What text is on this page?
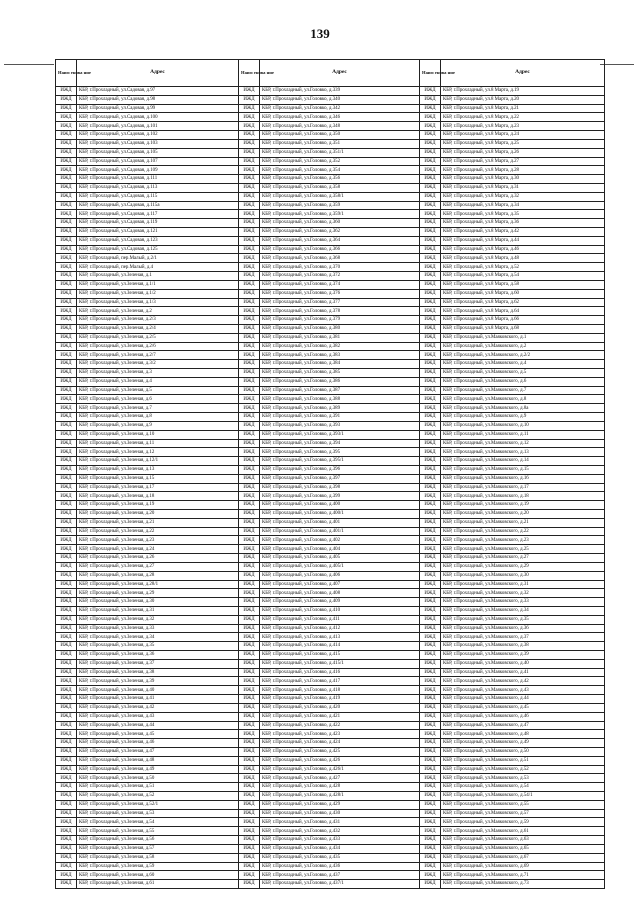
139
Наим енова ние	Адрес	Наим енова ние	Адрес	Наим енова ние	Адрес
ИЖД	КБР, г.Прохладный, ул.Садовая, д.97	ИЖД	КБР, г.Прохладный, ул.Головко, д.339	ИЖД	КБР, г.Прохладный, ул.8 Марта, д.19
ИЖД	КБР, г.Прохладный, ул.Садовая, д.98	ИЖД	КБР, г.Прохладный, ул.Головко, д.340	ИЖД	КБР, г.Прохладный, ул.8 Марта, д.20
ИЖД	КБР, г.Прохладный, ул.Садовая, д.99	ИЖД	КБР, г.Прохладный, ул.Головко, д.342	ИЖД	КБР, г.Прохладный, ул.8 Марта, д.21
ИЖД	КБР, г.Прохладный, ул.Садовая, д.100	ИЖД	КБР, г.Прохладный, ул.Головко, д.346	ИЖД	КБР, г.Прохладный, ул.8 Марта, д.22
ИЖД	КБР, г.Прохладный, ул.Садовая, д.101	ИЖД	КБР, г.Прохладный, ул.Головко, д.348	ИЖД	КБР, г.Прохладный, ул.8 Марта, д.23
ИЖД	КБР, г.Прохладный, ул.Садовая, д.102	ИЖД	КБР, г.Прохладный, ул.Головко, д.350	ИЖД	КБР, г.Прохладный, ул.8 Марта, д.24
ИЖД	КБР, г.Прохладный, ул.Садовая, д.103	ИЖД	КБР, г.Прохладный, ул.Головко, д.351	ИЖД	КБР, г.Прохладный, ул.8 Марта, д.25
ИЖД	КБР, г.Прохладный, ул.Садовая, д.105	ИЖД	КБР, г.Прохладный, ул.Головко, д.351/1	ИЖД	КБР, г.Прохладный, ул.8 Марта, д.26
ИЖД	КБР, г.Прохладный, ул.Садовая, д.107	ИЖД	КБР, г.Прохладный, ул.Головко, д.352	ИЖД	КБР, г.Прохладный, ул.8 Марта, д.27
ИЖД	КБР, г.Прохладный, ул.Садовая, д.109	ИЖД	КБР, г.Прохладный, ул.Головко, д.354	ИЖД	КБР, г.Прохладный, ул.8 Марта, д.28
ИЖД	КБР, г.Прохладный, ул.Садовая, д.111	ИЖД	КБР, г.Прохладный, ул.Головко, д.356	ИЖД	КБР, г.Прохладный, ул.8 Марта, д.30
ИЖД	КБР, г.Прохладный, ул.Садовая, д.113	ИЖД	КБР, г.Прохладный, ул.Головко, д.358	ИЖД	КБР, г.Прохладный, ул.8 Марта, д.31
ИЖД	КБР, г.Прохладный, ул.Садовая, д.115	ИЖД	КБР, г.Прохладный, ул.Головко, д.358/1	ИЖД	КБР, г.Прохладный, ул.8 Марта, д.32
ИЖД	КБР, г.Прохладный, ул.Садовая, д.115а	ИЖД	КБР, г.Прохладный, ул.Головко, д.359	ИЖД	КБР, г.Прохладный, ул.8 Марта, д.34
ИЖД	КБР, г.Прохладный, ул.Садовая, д.117	ИЖД	КБР, г.Прохладный, ул.Головко, д.359/1	ИЖД	КБР, г.Прохладный, ул.8 Марта, д.35
ИЖД	КБР, г.Прохладный, ул.Садовая, д.119	ИЖД	КБР, г.Прохладный, ул.Головко, д.360	ИЖД	КБР, г.Прохладный, ул.8 Марта, д.36
ИЖД	КБР, г.Прохладный, ул.Садовая, д.121	ИЖД	КБР, г.Прохладный, ул.Головко, д.362	ИЖД	КБР, г.Прохладный, ул.8 Марта, д.42
ИЖД	КБР, г.Прохладный, ул.Садовая, д.123	ИЖД	КБР, г.Прохладный, ул.Головко, д.364	ИЖД	КБР, г.Прохладный, ул.8 Марта, д.44
ИЖД	КБР, г.Прохладный, ул.Садовая, д.125	ИЖД	КБР, г.Прохладный, ул.Головко, д.366	ИЖД	КБР, г.Прохладный, ул.8 Марта, д.46
ИЖД	КБР, г.Прохладный, пер.Малый, д.2/1	ИЖД	КБР, г.Прохладный, ул.Головко, д.368	ИЖД	КБР, г.Прохладный, ул.8 Марта, д.48
ИЖД	КБР, г.Прохладный, пер.Малый, д.4	ИЖД	КБР, г.Прохладный, ул.Головко, д.370	ИЖД	КБР, г.Прохладный, ул.8 Марта, д.52
ИЖД	КБР, г.Прохладный, ул.Зеленая, д.1	ИЖД	КБР, г.Прохладный, ул.Головко, д.372	ИЖД	КБР, г.Прохладный, ул.8 Марта, д.54
ИЖД	КБР, г.Прохладный, ул.Зеленая, д.1/1	ИЖД	КБР, г.Прохладный, ул.Головко, д.374	ИЖД	КБР, г.Прохладный, ул.8 Марта, д.58
ИЖД	КБР, г.Прохладный, ул.Зеленая, д.1/2	ИЖД	КБР, г.Прохладный, ул.Головко, д.376	ИЖД	КБР, г.Прохладный, ул.8 Марта, д.60
ИЖД	КБР, г.Прохладный, ул.Зеленая, д.1/3	ИЖД	КБР, г.Прохладный, ул.Головко, д.377	ИЖД	КБР, г.Прохладный, ул.8 Марта, д.62
ИЖД	КБР, г.Прохладный, ул.Зеленая, д.2	ИЖД	КБР, г.Прохладный, ул.Головко, д.378	ИЖД	КБР, г.Прохладный, ул.8 Марта, д.64
ИЖД	КБР, г.Прохладный, ул.Зеленая, д.2/3	ИЖД	КБР, г.Прохладный, ул.Головко, д.379	ИЖД	КБР, г.Прохладный, ул.8 Марта, д.66
ИЖД	КБР, г.Прохладный, ул.Зеленая, д.2/4	ИЖД	КБР, г.Прохладный, ул.Головко, д.380	ИЖД	КБР, г.Прохладный, ул.8 Марта, д.68
ИЖД	КБР, г.Прохладный, ул.Зеленая, д.2/5	ИЖД	КБР, г.Прохладный, ул.Головко, д.381	ИЖД	КБР, г.Прохладный, ул.Маяковского, д.1
ИЖД	КБР, г.Прохладный, ул.Зеленая, д.2/6	ИЖД	КБР, г.Прохладный, ул.Головко, д.382	ИЖД	КБР, г.Прохладный, ул.Маяковского, д.2
ИЖД	КБР, г.Прохладный, ул.Зеленая, д.2/7	ИЖД	КБР, г.Прохладный, ул.Головко, д.383	ИЖД	КБР, г.Прохладный, ул.Маяковского, д.2/2
ИЖД	КБР, г.Прохладный, ул.Зеленая, д.3/2	ИЖД	КБР, г.Прохладный, ул.Головко, д.384	ИЖД	КБР, г.Прохладный, ул.Маяковского, д.4
ИЖД	КБР, г.Прохладный, ул.Зеленая, д.3	ИЖД	КБР, г.Прохладный, ул.Головко, д.385	ИЖД	КБР, г.Прохладный, ул.Маяковского, д.5
ИЖД	КБР, г.Прохладный, ул.Зеленая, д.4	ИЖД	КБР, г.Прохладный, ул.Головко, д.386	ИЖД	КБР, г.Прохладный, ул.Маяковского, д.6
ИЖД	КБР, г.Прохладный, ул.Зеленая, д.5	ИЖД	КБР, г.Прохладный, ул.Головко, д.387	ИЖД	КБР, г.Прохладный, ул.Маяковского, д.7
ИЖД	КБР, г.Прохладный, ул.Зеленая, д.6	ИЖД	КБР, г.Прохладный, ул.Головко, д.388	ИЖД	КБР, г.Прохладный, ул.Маяковского, д.8
ИЖД	КБР, г.Прохладный, ул.Зеленая, д.7	ИЖД	КБР, г.Прохладный, ул.Головко, д.389	ИЖД	КБР, г.Прохладный, ул.Маяковского, д.8а
ИЖД	КБР, г.Прохладный, ул.Зеленая, д.8	ИЖД	КБР, г.Прохладный, ул.Головко, д.391	ИЖД	КБР, г.Прохладный, ул.Маяковского, д.9
ИЖД	КБР, г.Прохладный, ул.Зеленая, д.9	ИЖД	КБР, г.Прохладный, ул.Головко, д.393	ИЖД	КБР, г.Прохладный, ул.Маяковского, д.10
ИЖД	КБР, г.Прохладный, ул.Зеленая, д.10	ИЖД	КБР, г.Прохладный, ул.Головко, д.393/1	ИЖД	КБР, г.Прохладный, ул.Маяковского, д.11
ИЖД	КБР, г.Прохладный, ул.Зеленая, д.11	ИЖД	КБР, г.Прохладный, ул.Головко, д.394	ИЖД	КБР, г.Прохладный, ул.Маяковского, д.12
ИЖД	КБР, г.Прохладный, ул.Зеленая, д.12	ИЖД	КБР, г.Прохладный, ул.Головко, д.395	ИЖД	КБР, г.Прохладный, ул.Маяковского, д.13
ИЖД	КБР, г.Прохладный, ул.Зеленая, д.12/1	ИЖД	КБР, г.Прохладный, ул.Головко, д.395/1	ИЖД	КБР, г.Прохладный, ул.Маяковского, д.14
ИЖД	КБР, г.Прохладный, ул.Зеленая, д.13	ИЖД	КБР, г.Прохладный, ул.Головко, д.396	ИЖД	КБР, г.Прохладный, ул.Маяковского, д.15
ИЖД	КБР, г.Прохладный, ул.Зеленая, д.15	ИЖД	КБР, г.Прохладный, ул.Головко, д.397	ИЖД	КБР, г.Прохладный, ул.Маяковского, д.16
ИЖД	КБР, г.Прохладный, ул.Зеленая, д.17	ИЖД	КБР, г.Прохладный, ул.Головко, д.398	ИЖД	КБР, г.Прохладный, ул.Маяковского, д.17
ИЖД	КБР, г.Прохладный, ул.Зеленая, д.18	ИЖД	КБР, г.Прохладный, ул.Головко, д.399	ИЖД	КБР, г.Прохладный, ул.Маяковского, д.18
ИЖД	КБР, г.Прохладный, ул.Зеленая, д.19	ИЖД	КБР, г.Прохладный, ул.Головко, д.400	ИЖД	КБР, г.Прохладный, ул.Маяковского, д.19
ИЖД	КБР, г.Прохладный, ул.Зеленая, д.20	ИЖД	КБР, г.Прохладный, ул.Головко, д.400/1	ИЖД	КБР, г.Прохладный, ул.Маяковского, д.20
ИЖД	КБР, г.Прохладный, ул.Зеленая, д.21	ИЖД	КБР, г.Прохладный, ул.Головко, д.401	ИЖД	КБР, г.Прохладный, ул.Маяковского, д.21
ИЖД	КБР, г.Прохладный, ул.Зеленая, д.22	ИЖД	КБР, г.Прохладный, ул.Головко, д.401/1	ИЖД	КБР, г.Прохладный, ул.Маяковского, д.22
ИЖД	КБР, г.Прохладный, ул.Зеленая, д.23	ИЖД	КБР, г.Прохладный, ул.Головко, д.402	ИЖД	КБР, г.Прохладный, ул.Маяковского, д.23
ИЖД	КБР, г.Прохладный, ул.Зеленая, д.24	ИЖД	КБР, г.Прохладный, ул.Головко, д.404	ИЖД	КБР, г.Прохладный, ул.Маяковского, д.25
ИЖД	КБР, г.Прохладный, ул.Зеленая, д.26	ИЖД	КБР, г.Прохладный, ул.Головко, д.405	ИЖД	КБР, г.Прохладный, ул.Маяковского, д.27
ИЖД	КБР, г.Прохладный, ул.Зеленая, д.27	ИЖД	КБР, г.Прохладный, ул.Головко, д.405/1	ИЖД	КБР, г.Прохладный, ул.Маяковского, д.29
ИЖД	КБР, г.Прохладный, ул.Зеленая, д.28	ИЖД	КБР, г.Прохладный, ул.Головко, д.406	ИЖД	КБР, г.Прохладный, ул.Маяковского, д.30
ИЖД	КБР, г.Прохладный, ул.Зеленая, д.28/1	ИЖД	КБР, г.Прохладный, ул.Головко, д.407	ИЖД	КБР, г.Прохладный, ул.Маяковского, д.31
ИЖД	КБР, г.Прохладный, ул.Зеленая, д.29	ИЖД	КБР, г.Прохладный, ул.Головко, д.408	ИЖД	КБР, г.Прохладный, ул.Маяковского, д.32
ИЖД	КБР, г.Прохладный, ул.Зеленая, д.30	ИЖД	КБР, г.Прохладный, ул.Головко, д.409	ИЖД	КБР, г.Прохладный, ул.Маяковского, д.33
ИЖД	КБР, г.Прохладный, ул.Зеленая, д.31	ИЖД	КБР, г.Прохладный, ул.Головко, д.410	ИЖД	КБР, г.Прохладный, ул.Маяковского, д.34
ИЖД	КБР, г.Прохладный, ул.Зеленая, д.32	ИЖД	КБР, г.Прохладный, ул.Головко, д.411	ИЖД	КБР, г.Прохладный, ул.Маяковского, д.35
ИЖД	КБР, г.Прохладный, ул.Зеленая, д.33	ИЖД	КБР, г.Прохладный, ул.Головко, д.412	ИЖД	КБР, г.Прохладный, ул.Маяковского, д.36
ИЖД	КБР, г.Прохладный, ул.Зеленая, д.34	ИЖД	КБР, г.Прохладный, ул.Головко, д.413	ИЖД	КБР, г.Прохладный, ул.Маяковского, д.37
ИЖД	КБР, г.Прохладный, ул.Зеленая, д.35	ИЖД	КБР, г.Прохладный, ул.Головко, д.414	ИЖД	КБР, г.Прохладный, ул.Маяковского, д.38
ИЖД	КБР, г.Прохладный, ул.Зеленая, д.36	ИЖД	КБР, г.Прохладный, ул.Головко, д.415	ИЖД	КБР, г.Прохладный, ул.Маяковского, д.39
ИЖД	КБР, г.Прохладный, ул.Зеленая, д.37	ИЖД	КБР, г.Прохладный, ул.Головко, д.415/1	ИЖД	КБР, г.Прохладный, ул.Маяковского, д.40
ИЖД	КБР, г.Прохладный, ул.Зеленая, д.38	ИЖД	КБР, г.Прохладный, ул.Головко, д.416	ИЖД	КБР, г.Прохладный, ул.Маяковского, д.41
ИЖД	КБР, г.Прохладный, ул.Зеленая, д.39	ИЖД	КБР, г.Прохладный, ул.Головко, д.417	ИЖД	КБР, г.Прохладный, ул.Маяковского, д.42
ИЖД	КБР, г.Прохладный, ул.Зеленая, д.40	ИЖД	КБР, г.Прохладный, ул.Головко, д.418	ИЖД	КБР, г.Прохладный, ул.Маяковского, д.43
ИЖД	КБР, г.Прохладный, ул.Зеленая, д.41	ИЖД	КБР, г.Прохладный, ул.Головко, д.419	ИЖД	КБР, г.Прохладный, ул.Маяковского, д.44
ИЖД	КБР, г.Прохладный, ул.Зеленая, д.42	ИЖД	КБР, г.Прохладный, ул.Головко, д.420	ИЖД	КБР, г.Прохладный, ул.Маяковского, д.45
ИЖД	КБР, г.Прохладный, ул.Зеленая, д.43	ИЖД	КБР, г.Прохладный, ул.Головко, д.421	ИЖД	КБР, г.Прохладный, ул.Маяковского, д.46
ИЖД	КБР, г.Прохладный, ул.Зеленая, д.44	ИЖД	КБР, г.Прохладный, ул.Головко, д.422	ИЖД	КБР, г.Прохладный, ул.Маяковского, д.47
ИЖД	КБР, г.Прохладный, ул.Зеленая, д.45	ИЖД	КБР, г.Прохладный, ул.Головко, д.423	ИЖД	КБР, г.Прохладный, ул.Маяковского, д.48
ИЖД	КБР, г.Прохладный, ул.Зеленая, д.46	ИЖД	КБР, г.Прохладный, ул.Головко, д.424	ИЖД	КБР, г.Прохладный, ул.Маяковского, д.49
ИЖД	КБР, г.Прохладный, ул.Зеленая, д.47	ИЖД	КБР, г.Прохладный, ул.Головко, д.425	ИЖД	КБР, г.Прохладный, ул.Маяковского, д.50
ИЖД	КБР, г.Прохладный, ул.Зеленая, д.48	ИЖД	КБР, г.Прохладный, ул.Головко, д.426	ИЖД	КБР, г.Прохладный, ул.Маяковского, д.51
ИЖД	КБР, г.Прохладный, ул.Зеленая, д.49	ИЖД	КБР, г.Прохладный, ул.Головко, д.426/1	ИЖД	КБР, г.Прохладный, ул.Маяковского, д.52
ИЖД	КБР, г.Прохладный, ул.Зеленая, д.50	ИЖД	КБР, г.Прохладный, ул.Головко, д.427	ИЖД	КБР, г.Прохладный, ул.Маяковского, д.53
ИЖД	КБР, г.Прохладный, ул.Зеленая, д.51	ИЖД	КБР, г.Прохладный, ул.Головко, д.428	ИЖД	КБР, г.Прохладный, ул.Маяковского, д.54
ИЖД	КБР, г.Прохладный, ул.Зеленая, д.52	ИЖД	КБР, г.Прохладный, ул.Головко, д.428/1	ИЖД	КБР, г.Прохладный, ул.Маяковского, д.54/1
ИЖД	КБР, г.Прохладный, ул.Зеленая, д.52/1	ИЖД	КБР, г.Прохладный, ул.Головко, д.429	ИЖД	КБР, г.Прохладный, ул.Маяковского, д.55
ИЖД	КБР, г.Прохладный, ул.Зеленая, д.53	ИЖД	КБР, г.Прохладный, ул.Головко, д.430	ИЖД	КБР, г.Прохладный, ул.Маяковского, д.57
ИЖД	КБР, г.Прохладный, ул.Зеленая, д.54	ИЖД	КБР, г.Прохладный, ул.Головко, д.431	ИЖД	КБР, г.Прохладный, ул.Маяковского, д.59
ИЖД	КБР, г.Прохладный, ул.Зеленая, д.55	ИЖД	КБР, г.Прохладный, ул.Головко, д.432	ИЖД	КБР, г.Прохладный, ул.Маяковского, д.61
ИЖД	КБР, г.Прохладный, ул.Зеленая, д.56	ИЖД	КБР, г.Прохладный, ул.Головко, д.433	ИЖД	КБР, г.Прохладный, ул.Маяковского, д.63
ИЖД	КБР, г.Прохладный, ул.Зеленая, д.57	ИЖД	КБР, г.Прохладный, ул.Головко, д.434	ИЖД	КБР, г.Прохладный, ул.Маяковского, д.65
ИЖД	КБР, г.Прохладный, ул.Зеленая, д.58	ИЖД	КБР, г.Прохладный, ул.Головко, д.435	ИЖД	КБР, г.Прохладный, ул.Маяковского, д.67
ИЖД	КБР, г.Прохладный, ул.Зеленая, д.59	ИЖД	КБР, г.Прохладный, ул.Головко, д.436	ИЖД	КБР, г.Прохладный, ул.Маяковского, д.69
ИЖД	КБР, г.Прохладный, ул.Зеленая, д.60	ИЖД	КБР, г.Прохладный, ул.Головко, д.437	ИЖД	КБР, г.Прохладный, ул.Маяковского, д.71
ИЖД	КБР, г.Прохладный, ул.Зеленая, д.61	ИЖД	КБР, г.Прохладный, ул.Головко, д.437/1	ИЖД	КБР, г.Прохладный, ул.Маяковского, д.73
